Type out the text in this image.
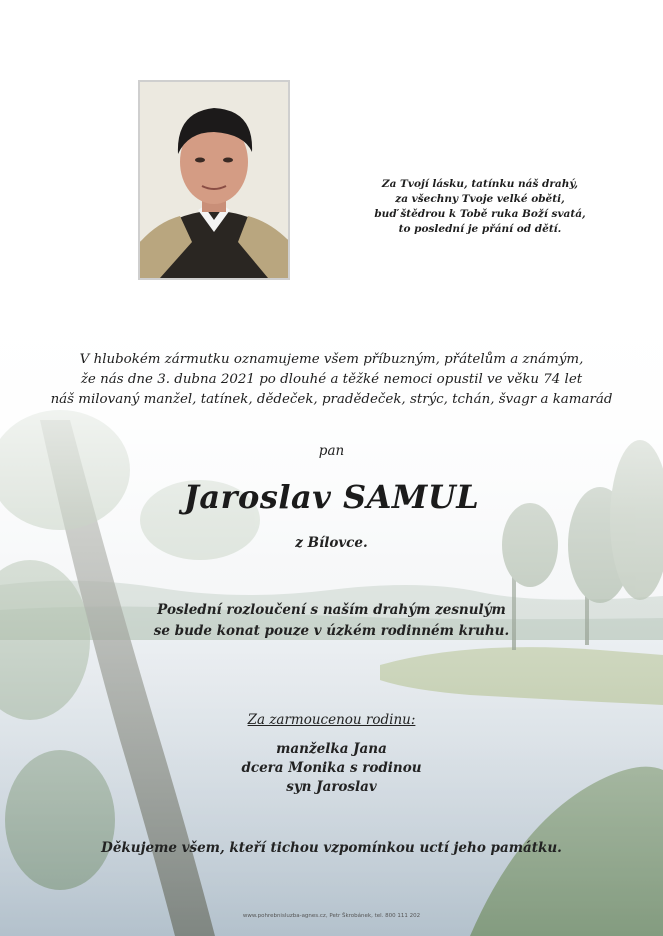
Za Tvojí lásku, tatínku náš drahý,
za všechny Tvoje velké oběti,
buď štědrou k Tobě ruka Boží svatá,
to poslední je přání od dětí.
V hlubokém zármutku oznamujeme všem příbuzným, přátelům a známým,
že nás dne 3. dubna 2021 po dlouhé a těžké nemoci opustil ve věku 74 let
náš milovaný manžel, tatínek, dědeček, pradědeček, strýc, tchán, švagr a kamarád
pan
Jaroslav SAMUL
z Bílovce.
Poslední rozloučení s naším drahým zesnulým
se bude konat pouze v úzkém rodinném kruhu.
Za zarmoucenou rodinu:
manželka Jana
dcera Monika s rodinou
syn Jaroslav
Děkujeme všem, kteří tichou vzpomínkou uctí jeho památku.
www.pohrebnisluzba-agnes.cz, Petr Škrobánek, tel. 800 111 202
